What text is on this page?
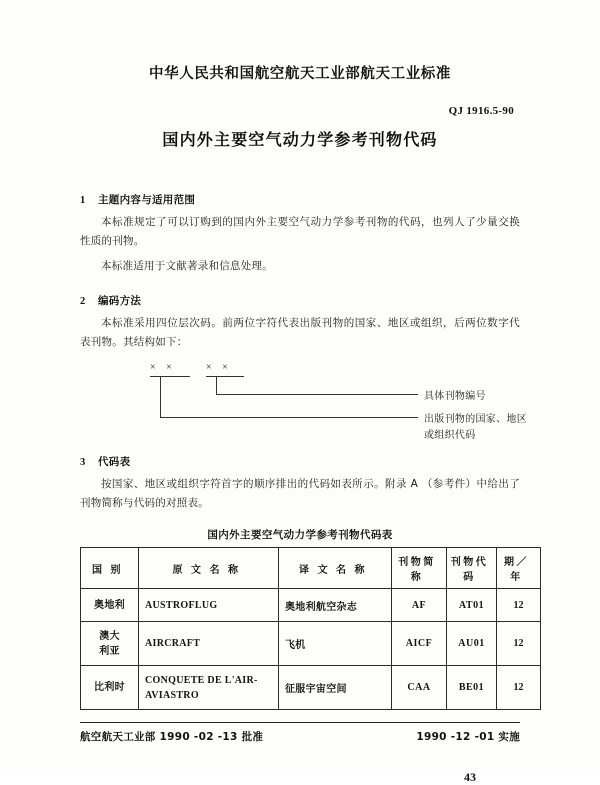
中华人民共和国航空航天工业部航天工业标准
QJ 1916.5-90
国内外主要空气动力学参考刊物代码
1 主题内容与适用范围
本标准规定了可以订购到的国内外主要空气动力学参考刊物的代码，也列人了少量交换性质的刊物。
本标准适用于文献著录和信息处理。
2 编码方法
本标准采用四位层次码。前两位字符代表出版刊物的国家、地区或组织，后两位数字代表刊物。其结构如下：
× ×	× ×
具体刊物编号
出版刊物的国家、地区
或组织代码
3 代码表
按国家、地区或组织字符首字的顺序排出的代码如表所示。附录 A （参考件）中给出了刊物简称与代码的对照表。
国内外主要空气动力学参考刊物代码表
国 别	原 文 名 称	译 文 名 称	刊物简称	刊物代码	期／年
奥地利	AUSTROFLUG	奥地利航空杂志	AF	AT01	12
澳大
利亚	AIRCRAFT	飞机	AICF	AU01	12
比利时	CONQUETE DE L'AIR-
AVIASTRO	征服宇宙空间	CAA	BE01	12
航空航天工业部 1990 -02 -13 批准	1990 -12 -01 实施
43
